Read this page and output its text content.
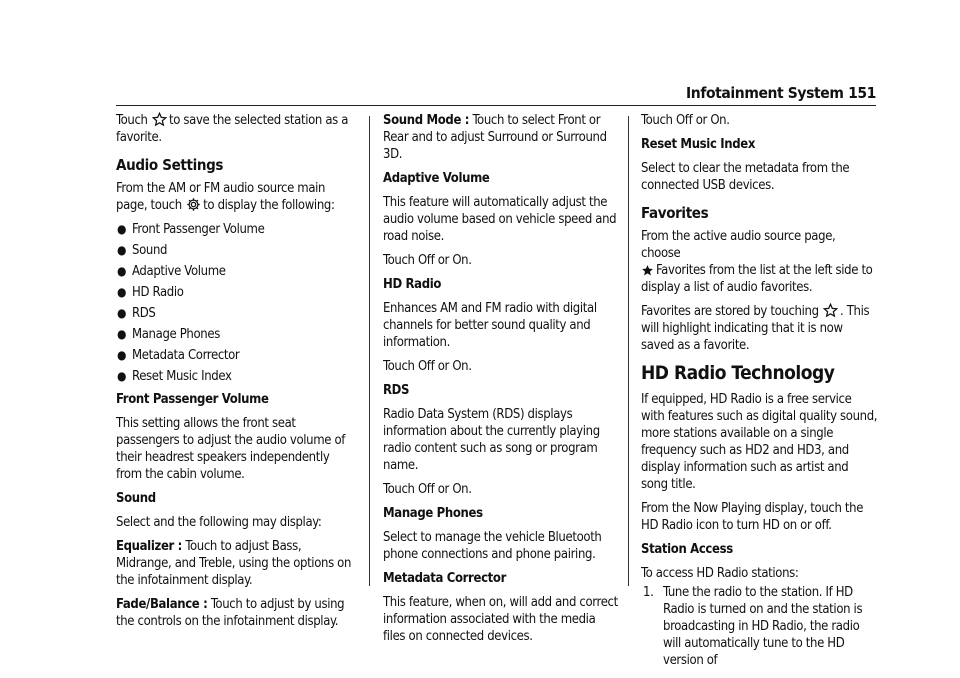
Infotainment System 151

Touch to save the selected station as a favorite.

Audio Settings

From the AM or FM audio source main page, touch to display the following:

● Front Passenger Volume
● Sound
● Adaptive Volume
● HD Radio
● RDS
● Manage Phones
● Metadata Corrector
● Reset Music Index

Front Passenger Volume

This setting allows the front seat passengers to adjust the audio volume of their headrest speakers independently from the cabin volume.

Sound

Select and the following may display:

Equalizer : Touch to adjust Bass, Midrange, and Treble, using the options on the infotainment display.

Fade/Balance : Touch to adjust by using the controls on the infotainment display.

Sound Mode : Touch to select Front or Rear and to adjust Surround or Surround 3D.

Adaptive Volume

This feature will automatically adjust the audio volume based on vehicle speed and road noise.

Touch Off or On.

HD Radio

Enhances AM and FM radio with digital channels for better sound quality and information.

Touch Off or On.

RDS

Radio Data System (RDS) displays information about the currently playing radio content such as song or program name.

Touch Off or On.

Manage Phones

Select to manage the vehicle Bluetooth phone connections and phone pairing.

Metadata Corrector

This feature, when on, will add and correct information associated with the media files on connected devices.

Touch Off or On.

Reset Music Index

Select to clear the metadata from the connected USB devices.

Favorites

From the active audio source page, choose
Favorites from the list at the left side to display a list of audio favorites.

Favorites are stored by touching . This will highlight indicating that it is now saved as a favorite.

HD Radio Technology

If equipped, HD Radio is a free service with features such as digital quality sound, more stations available on a single frequency such as HD2 and HD3, and display information such as artist and song title.

From the Now Playing display, touch the HD Radio icon to turn HD on or off.

Station Access

To access HD Radio stations:

1. Tune the radio to the station. If HD Radio is turned on and the station is broadcasting in HD Radio, the radio will automatically tune to the HD version of
